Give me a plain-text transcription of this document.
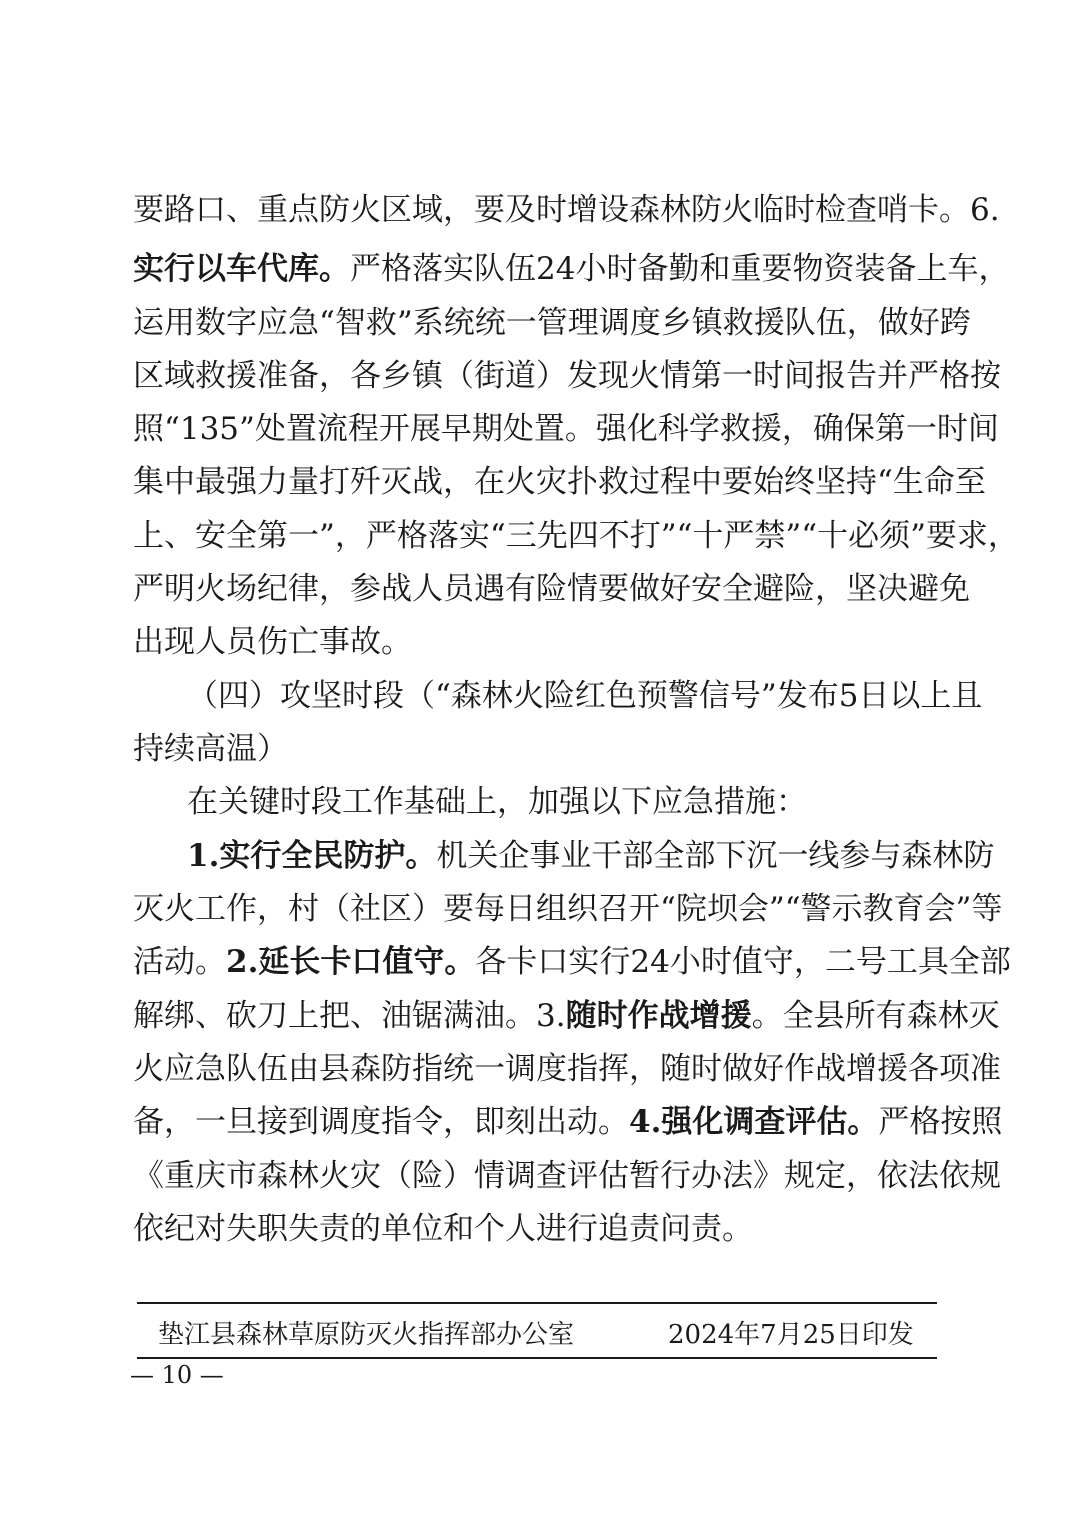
要路口、重点防火区域，要及时增设森林防火临时检查哨卡。6.
实行以车代库。严格落实队伍24小时备勤和重要物资装备上车，
运用数字应急“智救”系统统一管理调度乡镇救援队伍，做好跨
区域救援准备，各乡镇（街道）发现火情第一时间报告并严格按
照“135”处置流程开展早期处置。强化科学救援，确保第一时间
集中最强力量打歼灭战，在火灾扑救过程中要始终坚持“生命至
上、安全第一”，严格落实“三先四不打”“十严禁”“十必须”要求，
严明火场纪律，参战人员遇有险情要做好安全避险，坚决避免
出现人员伤亡事故。
（四）攻坚时段（“森林火险红色预警信号”发布5日以上且
持续高温）
在关键时段工作基础上，加强以下应急措施：
1.实行全民防护。机关企事业干部全部下沉一线参与森林防
灭火工作，村（社区）要每日组织召开“院坝会”“警示教育会”等
活动。2.延长卡口值守。各卡口实行24小时值守，二号工具全部
解绑、砍刀上把、油锯满油。3.随时作战增援。全县所有森林灭
火应急队伍由县森防指统一调度指挥，随时做好作战增援各项准
备，一旦接到调度指令，即刻出动。4.强化调查评估。严格按照
《重庆市森林火灾（险）情调查评估暂行办法》规定，依法依规
依纪对失职失责的单位和个人进行追责问责。
垫江县森林草原防灭火指挥部办公室	2024年7月25日印发
— 10 —
